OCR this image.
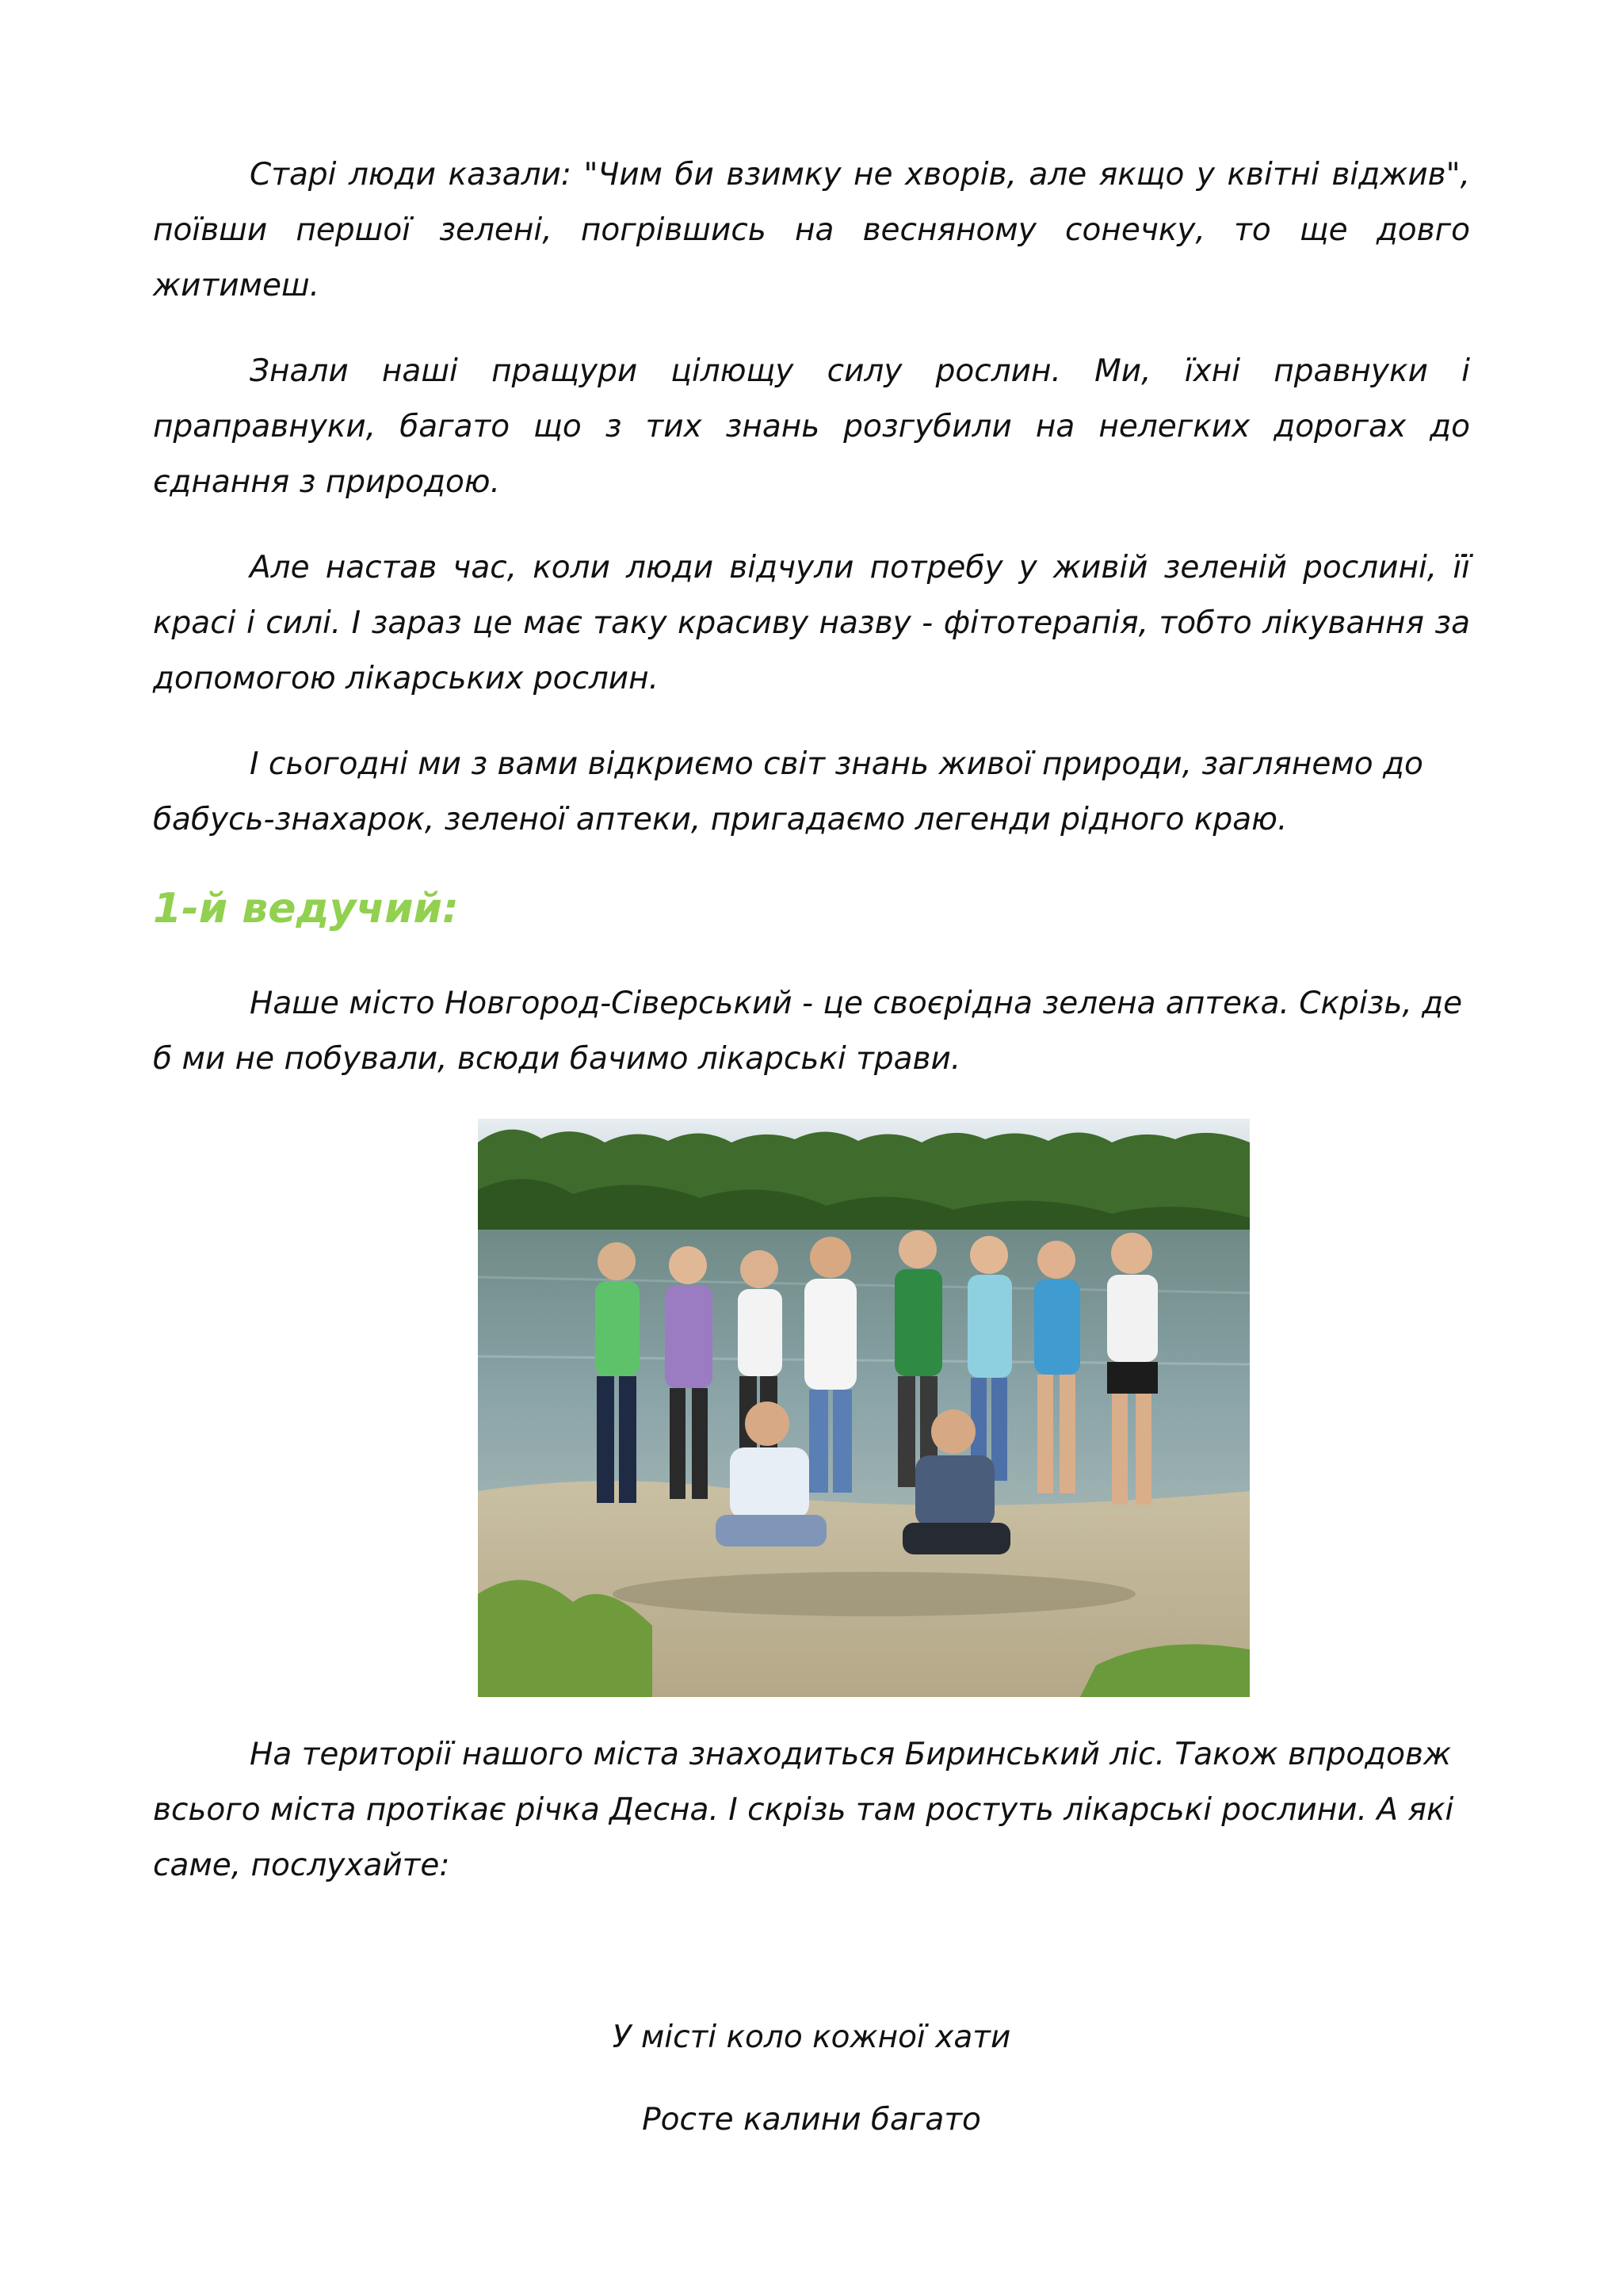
Старі люди казали: "Чим би взимку не хворів, але якщо у квітні віджив", поївши першої зелені, погрівшись на весняному сонечку, то ще довго житимеш.

Знали наші пращури цілющу силу рослин. Ми, їхні правнуки і праправнуки, багато що з тих знань розгубили на нелегких дорогах до єднання з природою.

Але настав час, коли люди відчули потребу у живій зеленій рослині, її красі і силі. І зараз це має таку красиву назву - фітотерапія, тобто лікування за допомогою лікарських рослин.

І сьогодні ми з вами відкриємо світ знань живої природи, заглянемо до бабусь-знахарок, зеленої аптеки, пригадаємо легенди рідного краю.

1-й ведучий:

Наше місто Новгород-Сіверський - це своєрідна зелена аптека. Скрізь, де б ми не побували, всюди бачимо лікарські трави.

На території нашого міста знаходиться Биринський ліс. Також впродовж всього міста протікає річка Десна. І скрізь там ростуть лікарські рослини. А які саме, послухайте:

У місті коло кожної хати

Росте калини багато
